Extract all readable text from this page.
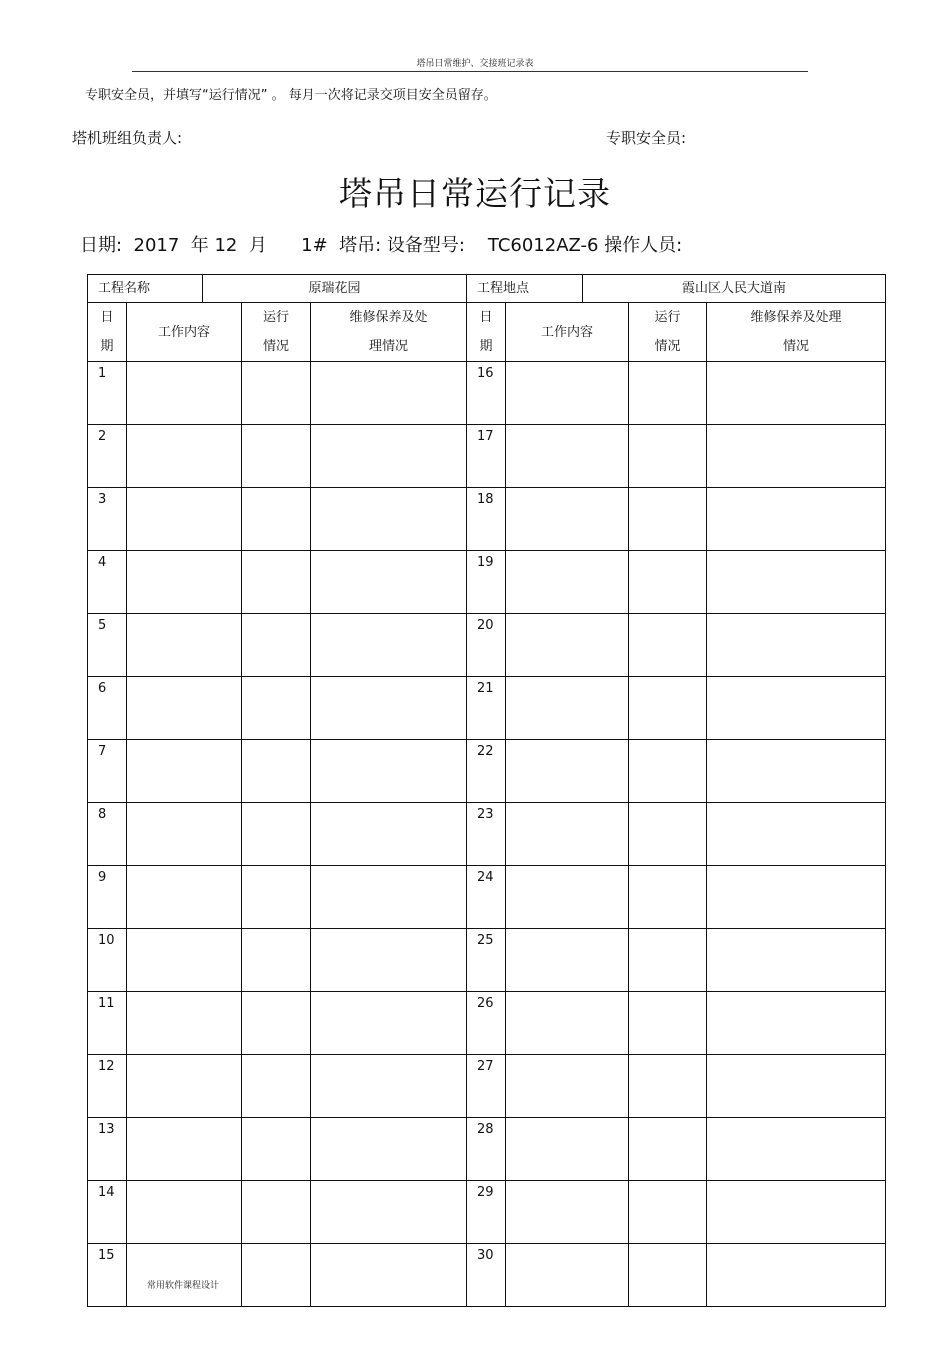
塔吊日常维护、交接班记录表
专职安全员，并填写“运行情况” 。 每月一次将记录交项目安全员留存。
塔机班组负责人:	专职安全员:
塔吊日常运行记录
日期:  2017  年 12  月      1#  塔吊: 设备型号:    TC6012AZ-6 操作人员:
工程名称		原瑞花园			工程地点		霞山区人民大道南		

日期	工作内容		运行情况	维修保养及处理情况	日期	工作内容		运行情况	维修保养及处理情况

1					16				
2					17				
3					18				
4					19				
5					20				
6					21				
7					22				
8					23				
9					24				
10					25				
11					26				
12					27				
13					28				
14					29				
15					30				
常用软件课程设计
